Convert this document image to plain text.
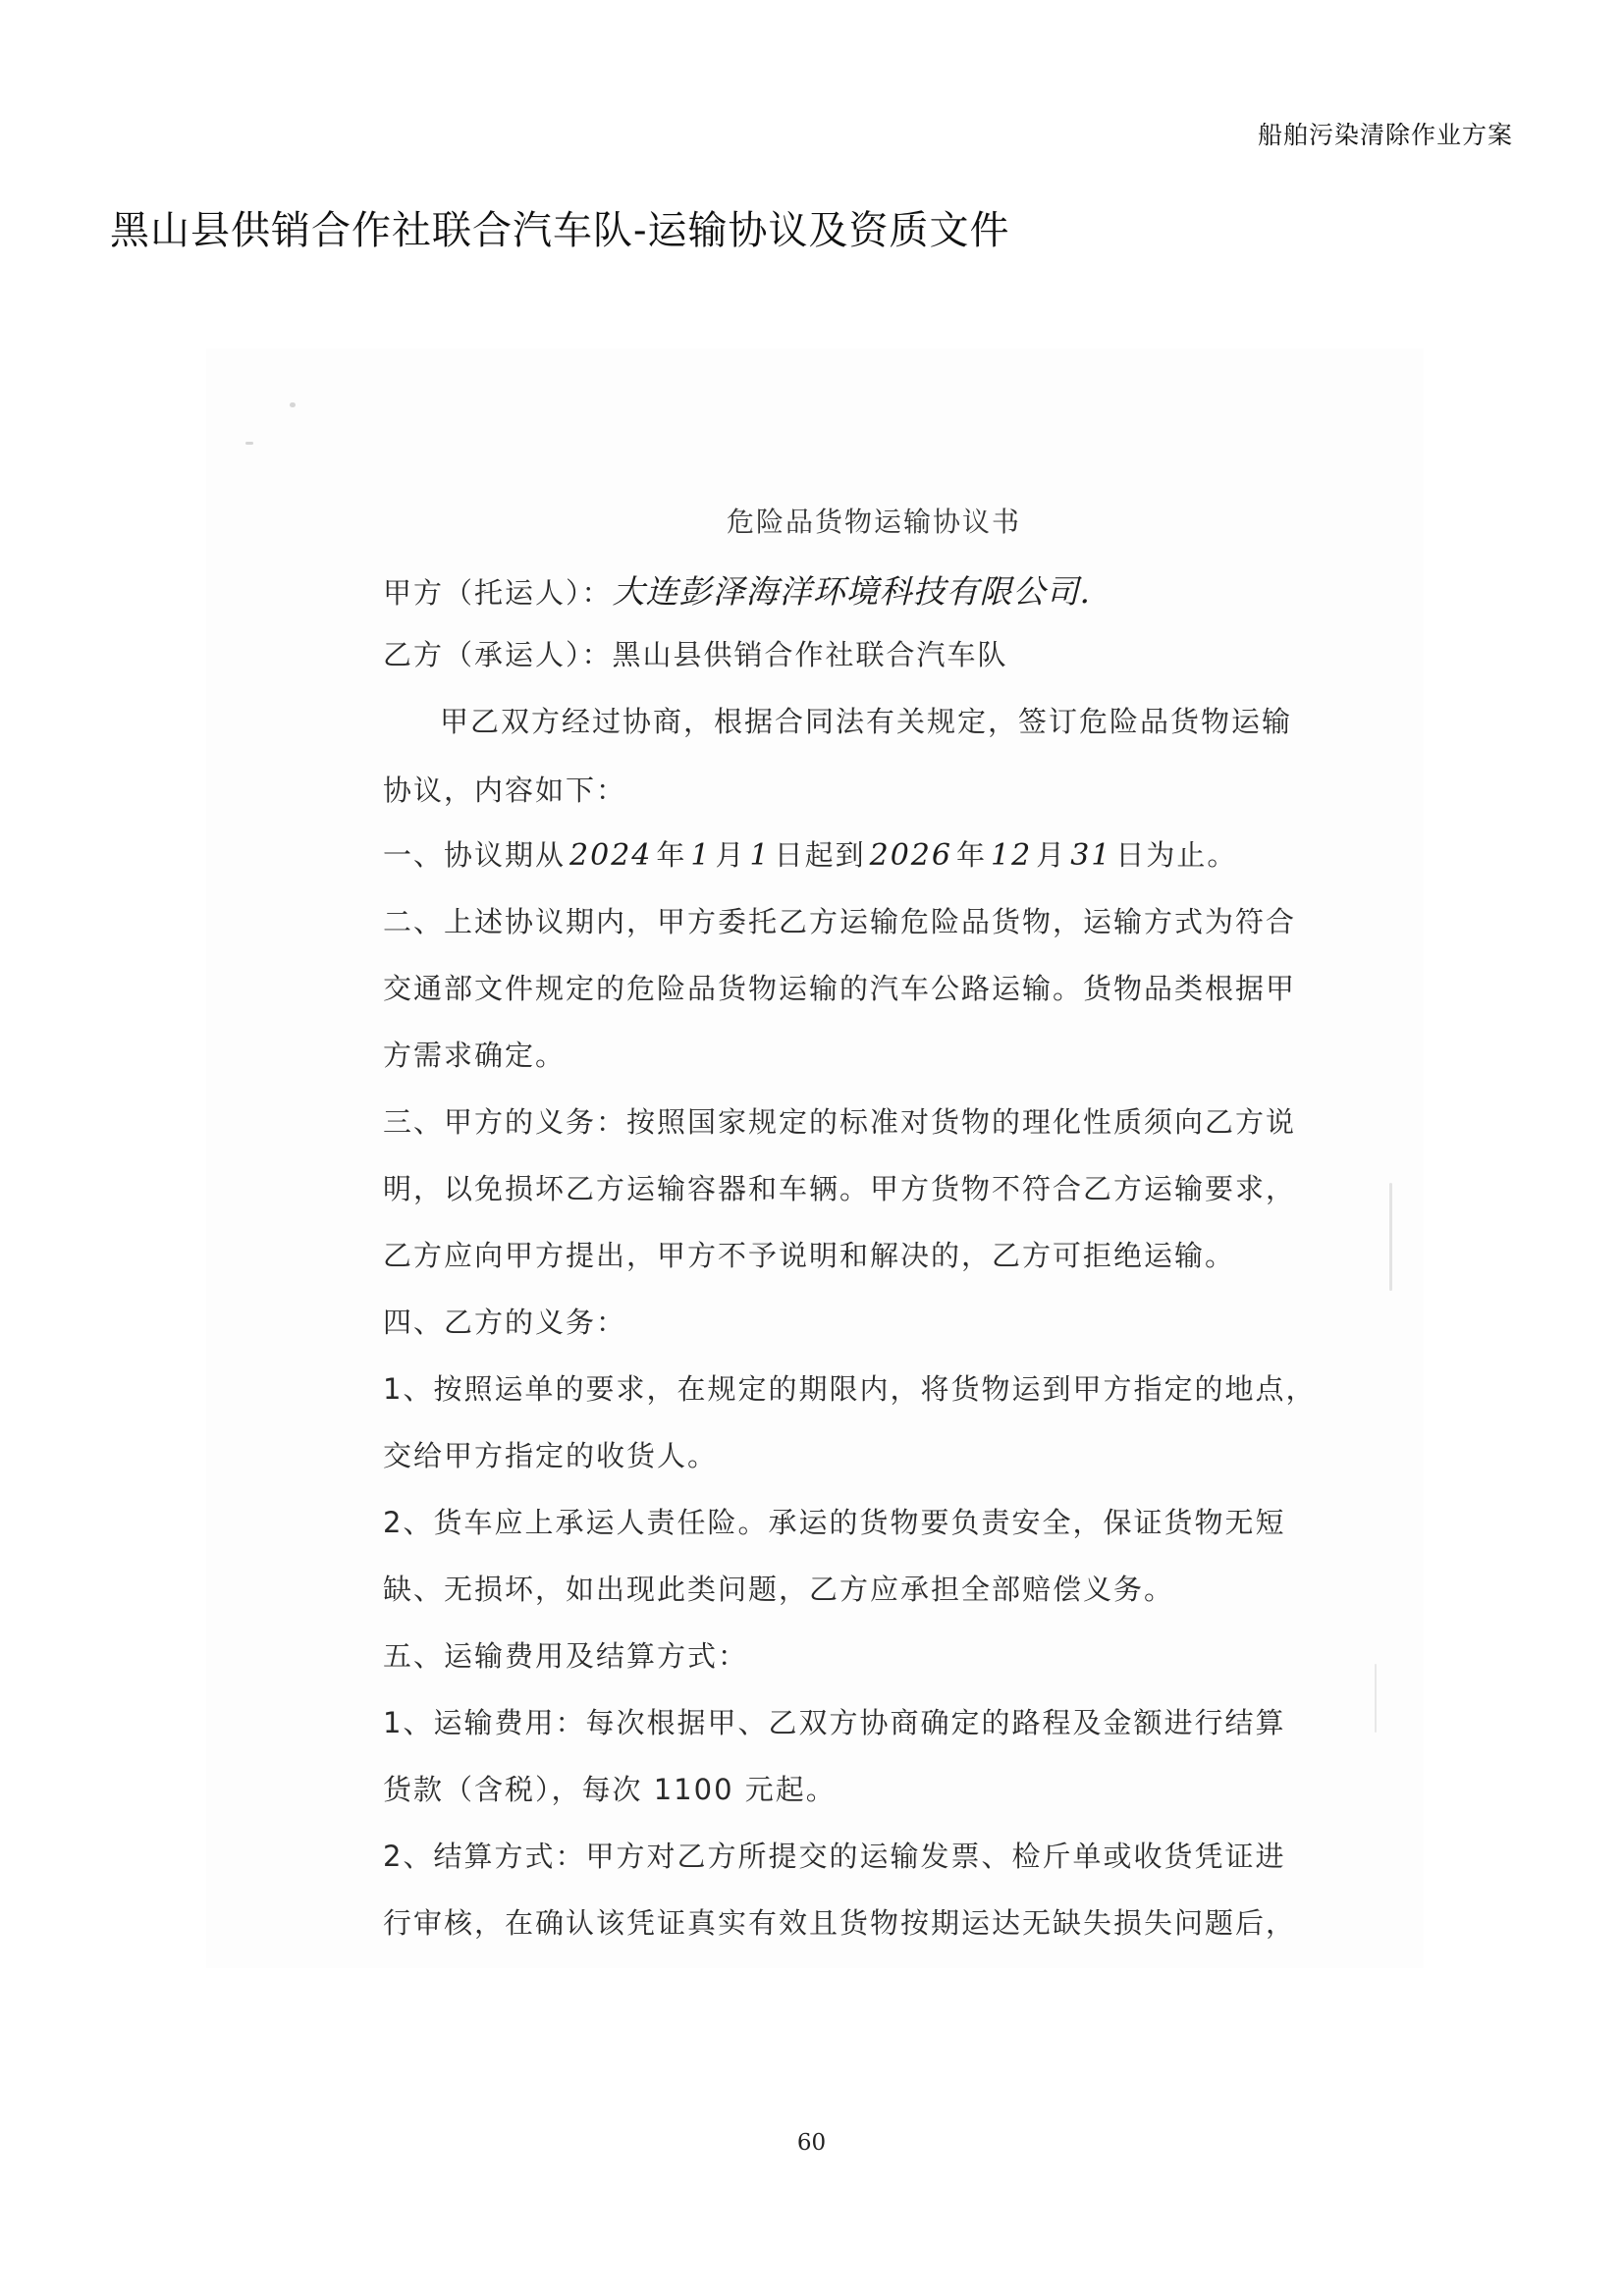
船舶污染清除作业方案
黑山县供销合作社联合汽车队-运输协议及资质文件
危险品货物运输协议书
甲方（托运人）：大连彭泽海洋环境科技有限公司.
乙方（承运人）：黑山县供销合作社联合汽车队
甲乙双方经过协商，根据合同法有关规定，签订危险品货物运输
协议，内容如下：
一、协议期从 2024 年 1 月 1 日起到 2026 年 12 月 31 日为止。
二、上述协议期内，甲方委托乙方运输危险品货物，运输方式为符合
交通部文件规定的危险品货物运输的汽车公路运输。货物品类根据甲
方需求确定。
三、甲方的义务：按照国家规定的标准对货物的理化性质须向乙方说
明，以免损坏乙方运输容器和车辆。甲方货物不符合乙方运输要求，
乙方应向甲方提出，甲方不予说明和解决的，乙方可拒绝运输。
四、乙方的义务：
1、按照运单的要求，在规定的期限内，将货物运到甲方指定的地点，
交给甲方指定的收货人。
2、货车应上承运人责任险。承运的货物要负责安全，保证货物无短
缺、无损坏，如出现此类问题，乙方应承担全部赔偿义务。
五、运输费用及结算方式：
1、运输费用：每次根据甲、乙双方协商确定的路程及金额进行结算
货款（含税），每次 1100 元起。
2、结算方式：甲方对乙方所提交的运输发票、检斤单或收货凭证进
行审核，在确认该凭证真实有效且货物按期运达无缺失损失问题后，
60
